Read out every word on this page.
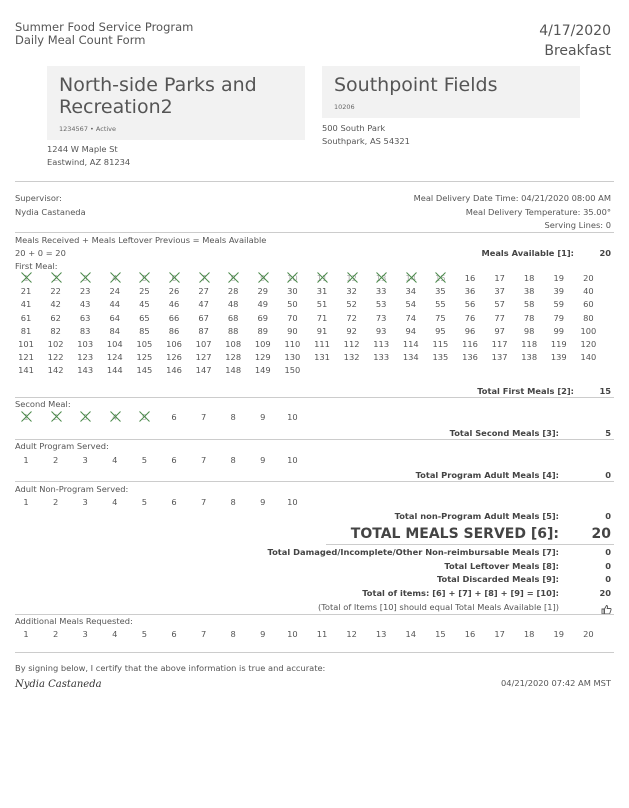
Summer Food Service Program
Daily Meal Count Form
4/17/2020
Breakfast
North-side Parks and Recreation2
1234567 • Active
1244 W Maple St
Eastwind, AZ 81234
Southpoint Fields
10206
500 South Park
Southpark, AS 54321
Supervisor:
Nydia Castaneda
Meal Delivery Date Time: 04/21/2020 08:00 AM
Meal Delivery Temperature: 35.00°
Serving Lines: 0
Meals Received + Meals Leftover Previous = Meals Available
20 + 0 = 20	Meals Available [1]:	20
First Meal:
1	2	3	4	5	6	7	8	9	10	11	12	13	14	15	16	17	18	19	20
21	22	23	24	25	26	27	28	29	30	31	32	33	34	35	36	37	38	39	40
41	42	43	44	45	46	47	48	49	50	51	52	53	54	55	56	57	58	59	60
61	62	63	64	65	66	67	68	69	70	71	72	73	74	75	76	77	78	79	80
81	82	83	84	85	86	87	88	89	90	91	92	93	94	95	96	97	98	99	100
101	102	103	104	105	106	107	108	109	110	111	112	113	114	115	116	117	118	119	120
121	122	123	124	125	126	127	128	129	130	131	132	133	134	135	136	137	138	139	140
141	142	143	144	145	146	147	148	149	150
Total First Meals [2]:	15
Second Meal:
1	2	3	4	5	6	7	8	9	10
Total Second Meals [3]:	5
Adult Program Served:
1	2	3	4	5	6	7	8	9	10
Total Program Adult Meals [4]:	0
Adult Non-Program Served:
1	2	3	4	5	6	7	8	9	10
Total non-Program Adult Meals [5]:	0
TOTAL MEALS SERVED [6]: 20
Total Damaged/Incomplete/Other Non-reimbursable Meals [7]:	0
Total Leftover Meals [8]:	0
Total Discarded Meals [9]:	0
Total of items: [6] + [7] + [8] + [9] = [10]:	20
(Total of Items [10] should equal Total Meals Available [1])
Additional Meals Requested:
1	2	3	4	5	6	7	8	9	10	11	12	13	14	15	16	17	18	19	20
By signing below, I certify that the above information is true and accurate:
Nydia Castaneda	04/21/2020 07:42 AM MST
